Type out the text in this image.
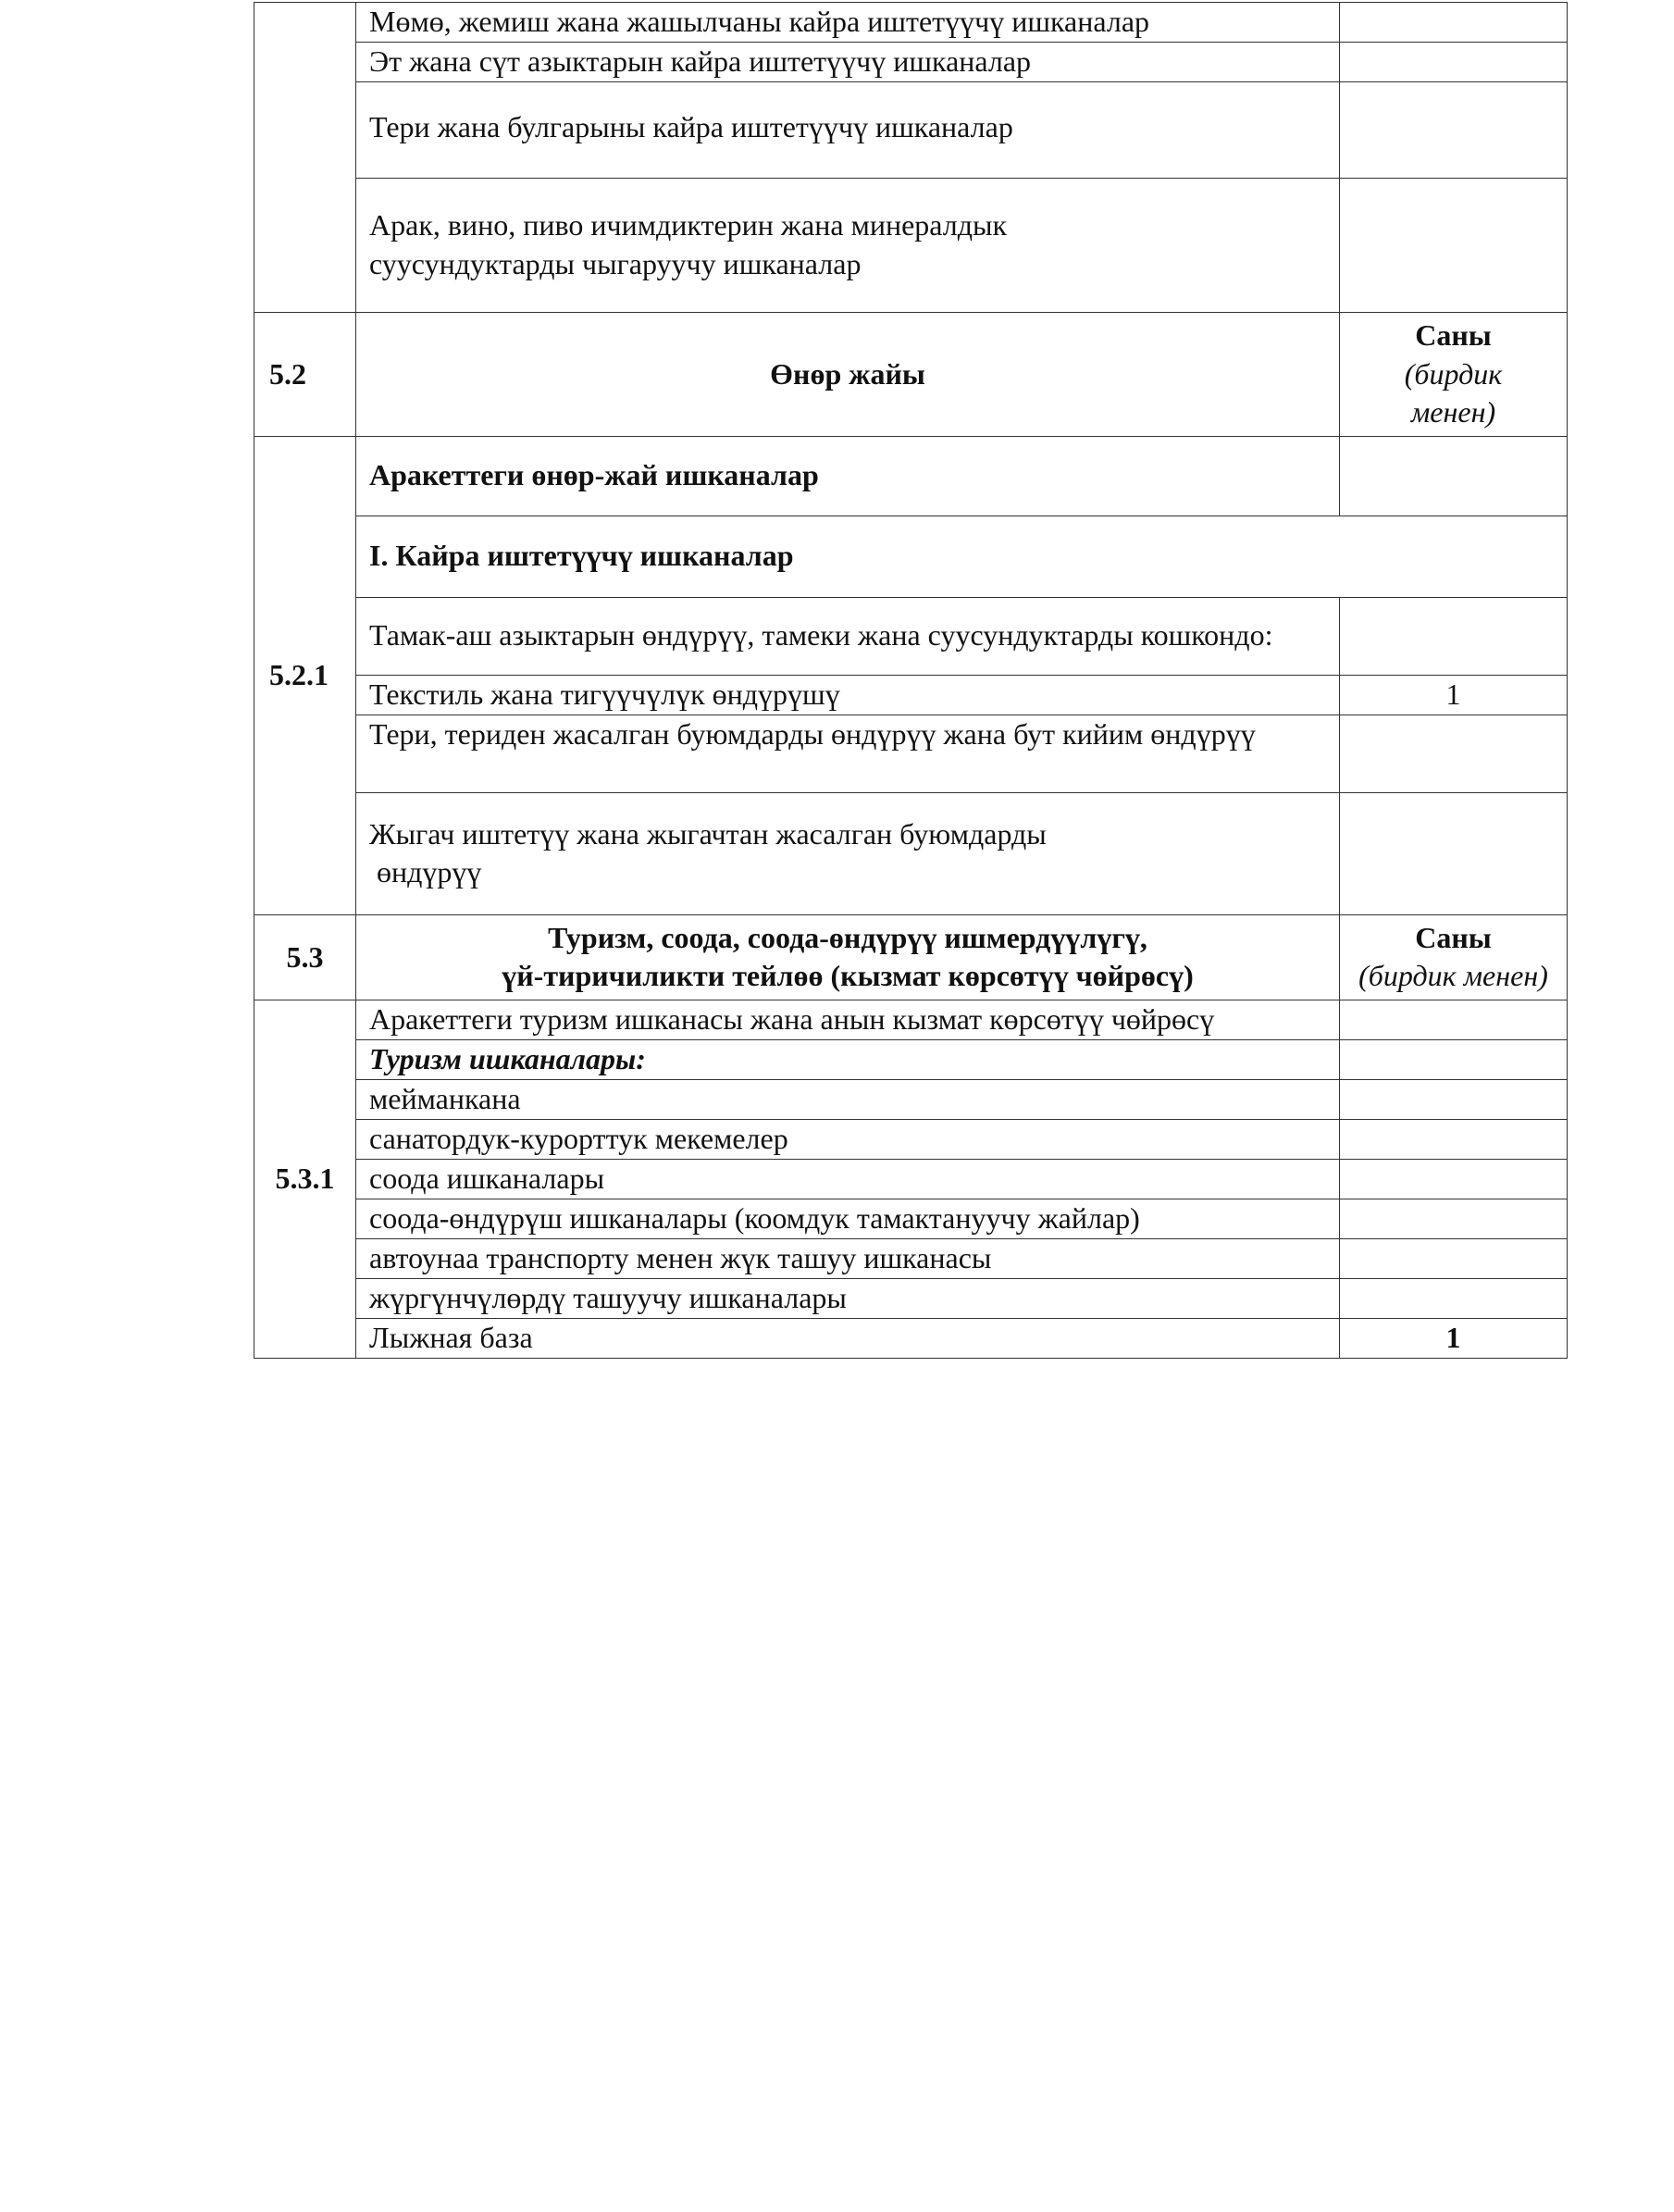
	Мөмө, жемиш жана жашылчаны кайра иштетүүчү ишканалар	
	Эт жана сүт азыктарын кайра иштетүүчү ишканалар	
	Тери жана булгарыны кайра иштетүүчү ишканалар	
	Арак, вино, пиво ичимдиктерин жана минералдык
суусундуктарды чыгаруучу ишканалар	
5.2	Өнөр жайы	Саны
(бирдик менен)

5.2.1	Аракеттеги өнөр-жай ишканалар	
	I. Кайра иштетүүчү ишканалар	
	Тамак-аш азыктарын өндүрүү, тамеки жана суусундуктарды кошкондо:	
	Текстиль жана тигүүчүлүк өндүрүшү	1
	Тери, териден жасалган буюмдарды өндүрүү жана бут кийим өндүрүү	
	Жыгач иштетүү жана жыгачтан жасалган буюмдарды
өндүрүү	
5.3	Туризм, соода, соода-өндүрүү ишмердүүлүгү,
үй-тиричиликти тейлөө (кызмат көрсөтүү чөйрөсү)	Саны
(бирдик менен)

5.3.1	Аракеттеги туризм ишканасы жана анын кызмат көрсөтүү чөйрөсү	
	Туризм ишканалары:	
	мейманкана	
	санатордук-курорттук мекемелер	
	соода ишканалары	
	соода-өндүрүш ишканалары (коомдук тамактануучу жайлар)	
	автоунаа транспорту менен жүк ташуу ишканасы	
	жүргүнчүлөрдү ташуучу ишканалары	
	Лыжная база	1
